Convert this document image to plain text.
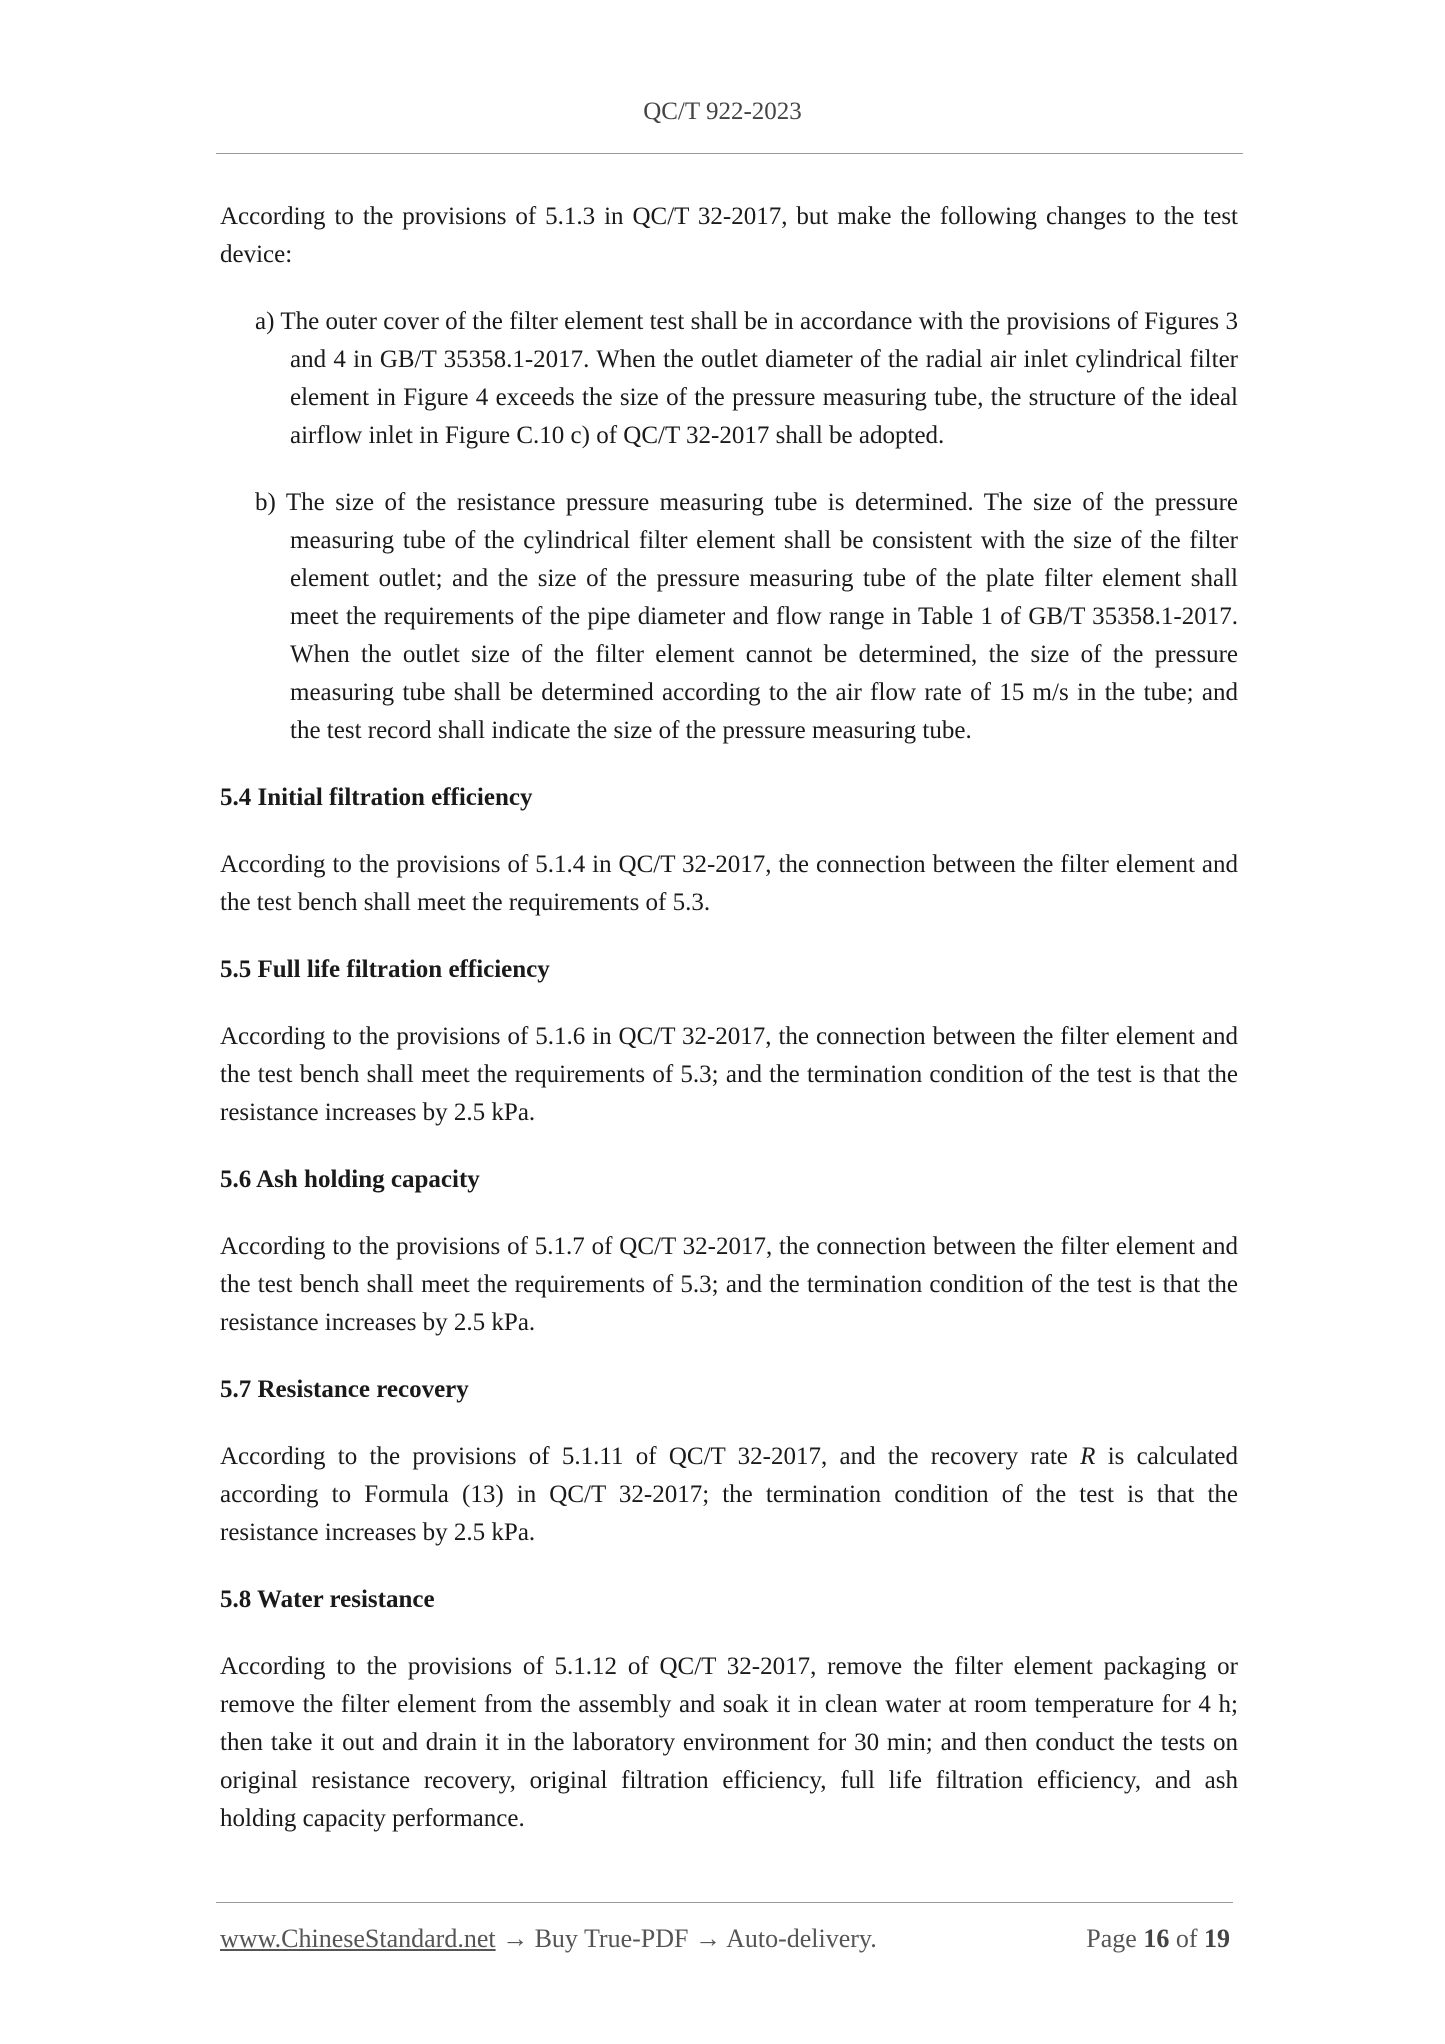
QC/T 922-2023

According to the provisions of 5.1.3 in QC/T 32-2017, but make the following changes to the test device:

a) The outer cover of the filter element test shall be in accordance with the provisions of Figures 3 and 4 in GB/T 35358.1-2017. When the outlet diameter of the radial air inlet cylindrical filter element in Figure 4 exceeds the size of the pressure measuring tube, the structure of the ideal airflow inlet in Figure C.10 c) of QC/T 32-2017 shall be adopted.

b) The size of the resistance pressure measuring tube is determined. The size of the pressure measuring tube of the cylindrical filter element shall be consistent with the size of the filter element outlet; and the size of the pressure measuring tube of the plate filter element shall meet the requirements of the pipe diameter and flow range in Table 1 of GB/T 35358.1-2017. When the outlet size of the filter element cannot be determined, the size of the pressure measuring tube shall be determined according to the air flow rate of 15 m/s in the tube; and the test record shall indicate the size of the pressure measuring tube.

5.4 Initial filtration efficiency

According to the provisions of 5.1.4 in QC/T 32-2017, the connection between the filter element and the test bench shall meet the requirements of 5.3.

5.5 Full life filtration efficiency

According to the provisions of 5.1.6 in QC/T 32-2017, the connection between the filter element and the test bench shall meet the requirements of 5.3; and the termination condition of the test is that the resistance increases by 2.5 kPa.

5.6 Ash holding capacity

According to the provisions of 5.1.7 of QC/T 32-2017, the connection between the filter element and the test bench shall meet the requirements of 5.3; and the termination condition of the test is that the resistance increases by 2.5 kPa.

5.7 Resistance recovery

According to the provisions of 5.1.11 of QC/T 32-2017, and the recovery rate R is calculated according to Formula (13) in QC/T 32-2017; the termination condition of the test is that the resistance increases by 2.5 kPa.

5.8 Water resistance

According to the provisions of 5.1.12 of QC/T 32-2017, remove the filter element packaging or remove the filter element from the assembly and soak it in clean water at room temperature for 4 h; then take it out and drain it in the laboratory environment for 30 min; and then conduct the tests on original resistance recovery, original filtration efficiency, full life filtration efficiency, and ash holding capacity performance.

www.ChineseStandard.net → Buy True-PDF → Auto-delivery.	Page 16 of 19
